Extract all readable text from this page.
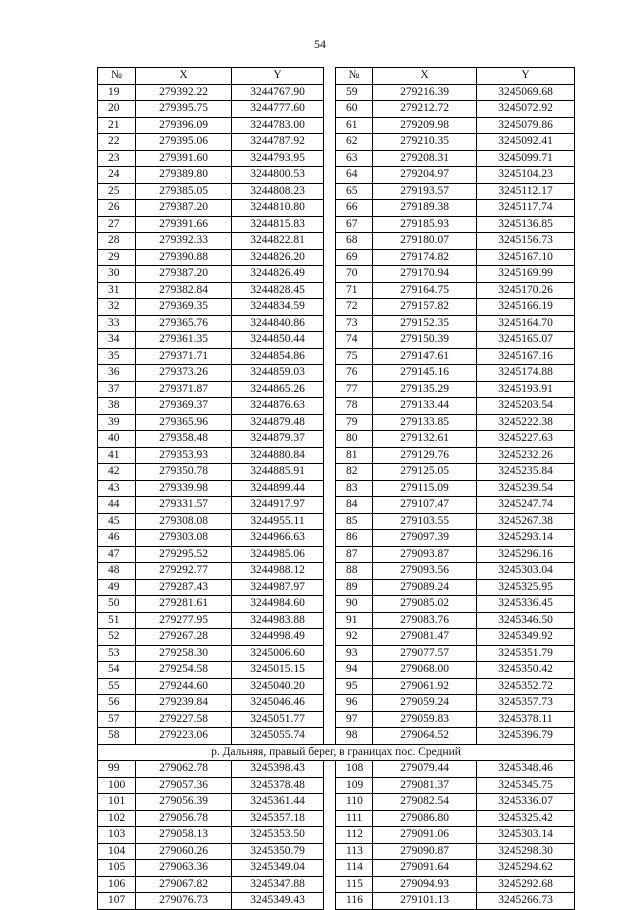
54
№	X	Y		№	X	Y
19	279392.22	3244767.90		59	279216.39	3245069.68
20	279395.75	3244777.60		60	279212.72	3245072.92
21	279396.09	3244783.00		61	279209.98	3245079.86
22	279395.06	3244787.92		62	279210.35	3245092.41
23	279391.60	3244793.95		63	279208.31	3245099.71
24	279389.80	3244800.53		64	279204.97	3245104.23
25	279385.05	3244808.23		65	279193.57	3245112.17
26	279387.20	3244810.80		66	279189.38	3245117.74
27	279391.66	3244815.83		67	279185.93	3245136.85
28	279392.33	3244822.81		68	279180.07	3245156.73
29	279390.88	3244826.20		69	279174.82	3245167.10
30	279387.20	3244826.49		70	279170.94	3245169.99
31	279382.84	3244828.45		71	279164.75	3245170.26
32	279369.35	3244834.59		72	279157.82	3245166.19
33	279365.76	3244840.86		73	279152.35	3245164.70
34	279361.35	3244850.44		74	279150.39	3245165.07
35	279371.71	3244854.86		75	279147.61	3245167.16
36	279373.26	3244859.03		76	279145.16	3245174.88
37	279371.87	3244865.26		77	279135.29	3245193.91
38	279369.37	3244876.63		78	279133.44	3245203.54
39	279365.96	3244879.48		79	279133.85	3245222.38
40	279358.48	3244879.37		80	279132.61	3245227.63
41	279353.93	3244880.84		81	279129.76	3245232.26
42	279350.78	3244885.91		82	279125.05	3245235.84
43	279339.98	3244899.44		83	279115.09	3245239.54
44	279331.57	3244917.97		84	279107.47	3245247.74
45	279308.08	3244955.11		85	279103.55	3245267.38
46	279303.08	3244966.63		86	279097.39	3245293.14
47	279295.52	3244985.06		87	279093.87	3245296.16
48	279292.77	3244988.12		88	279093.56	3245303.04
49	279287.43	3244987.97		89	279089.24	3245325.95
50	279281.61	3244984.60		90	279085.02	3245336.45
51	279277.95	3244983.88		91	279083.76	3245346.50
52	279267.28	3244998.49		92	279081.47	3245349.92
53	279258.30	3245006.60		93	279077.57	3245351.79
54	279254.58	3245015.15		94	279068.00	3245350.42
55	279244.60	3245040.20		95	279061.92	3245352.72
56	279239.84	3245046.46		96	279059.24	3245357.73
57	279227.58	3245051.77		97	279059.83	3245378.11
58	279223.06	3245055.74		98	279064.52	3245396.79
р. Дальняя, правый берег, в границах пос. Средний						
99	279062.78	3245398.43		108	279079.44	3245348.46
100	279057.36	3245378.48		109	279081.37	3245345.75
101	279056.39	3245361.44		110	279082.54	3245336.07
102	279056.78	3245357.18		111	279086.80	3245325.42
103	279058.13	3245353.50		112	279091.06	3245303.14
104	279060.26	3245350.79		113	279090.87	3245298.30
105	279063.36	3245349.04		114	279091.64	3245294.62
106	279067.82	3245347.88		115	279094.93	3245292.68
107	279076.73	3245349.43		116	279101.13	3245266.73
